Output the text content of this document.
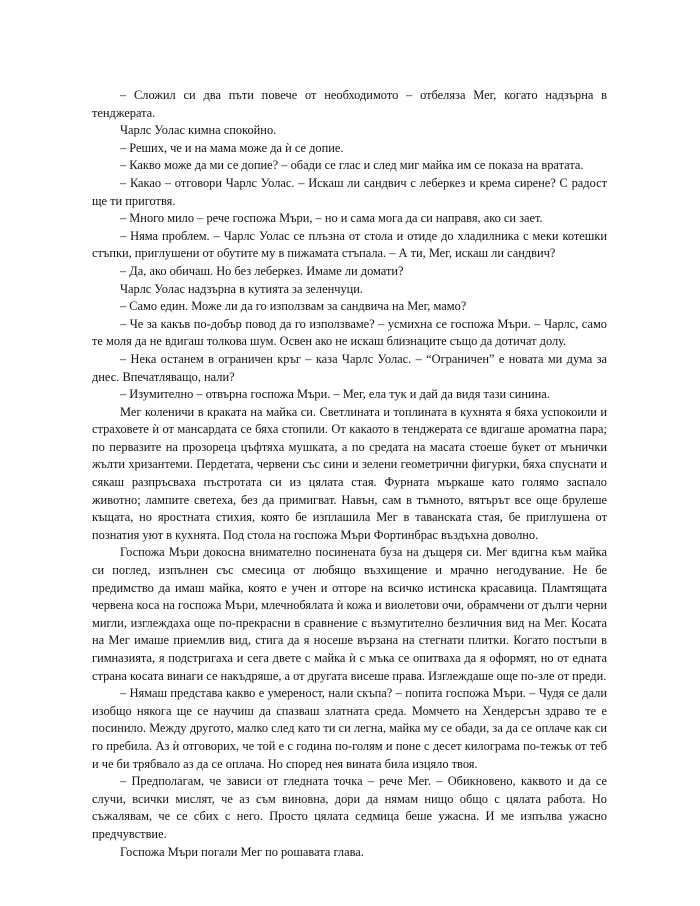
– Сложил си два пъти повече от необходимото – отбеляза Мег, когато надзърна в тенджерата.

Чарлс Уолас кимна спокойно.

– Реших, че и на мама може да ѝ се допие.

– Какво може да ми се допие? – обади се глас и след миг майка им се показа на вратата.

– Какао – отговори Чарлс Уолас. – Искаш ли сандвич с леберкез и крема сирене? С радост ще ти приготвя.

– Много мило – рече госпожа Мъри, – но и сама мога да си направя, ако си зает.

– Няма проблем. – Чарлс Уолас се плъзна от стола и отиде до хладилника с меки котешки стъпки, приглушени от обутите му в пижамата стъпала. – А ти, Мег, искаш ли сандвич?

– Да, ако обичаш. Но без леберкез. Имаме ли домати?

Чарлс Уолас надзърна в кутията за зеленчуци.

– Само един. Може ли да го използвам за сандвича на Мег, мамо?

– Че за какъв по-добър повод да го използваме? – усмихна се госпожа Мъри. – Чарлс, само те моля да не вдигаш толкова шум. Освен ако не искаш близнаците също да дотичат долу.

– Нека останем в ограничен кръг – каза Чарлс Уолас. – “Ограничен” е новата ми дума за днес. Впечатляващо, нали?

– Изумително – отвърна госпожа Мъри. – Мег, ела тук и дай да видя тази синина.

Мег коленичи в краката на майка си. Светлината и топлината в кухнята я бяха успокоили и страховете ѝ от мансардата се бяха стопили. От какаото в тенджерата се вдигаше ароматна пара; по первазите на прозореца цъфтяха мушката, а по средата на масата стоеше букет от мънички жълти хризантеми. Пердетата, червени със сини и зелени геометрични фигурки, бяха спуснати и сякаш разпръсваха пъстротата си из цялата стая. Фурната мъркаше като голямо заспало животно; лампите светеха, без да примигват. Навън, сам в тъмното, вятърът все още брулеше къщата, но яростната стихия, която бе изплашила Мег в таванската стая, бе приглушена от познатия уют в кухнята. Под стола на госпожа Мъри Фортинбрас въздъхна доволно.

Госпожа Мъри докосна внимателно посинената буза на дъщеря си. Мег вдигна към майка си поглед, изпълнен със смесица от любящо възхищение и мрачно негодувание. Не бе предимство да имаш майка, която е учен и отгоре на всичко истинска красавица. Пламтящата червена коса на госпожа Мъри, млечнобялата ѝ кожа и виолетови очи, обрамчени от дълги черни мигли, изглеждаха още по-прекрасни в сравнение с възмутително безличния вид на Мег. Косата на Мег имаше приемлив вид, стига да я носеше вързана на стегнати плитки. Когато постъпи в гимназията, я подстригаха и сега двете с майка ѝ с мъка се опитваха да я оформят, но от едната страна косата винаги се накъдряше, а от другата висеше права. Изглеждаше още по-зле от преди.

– Нямаш представа какво е умереност, нали скъпа? – попита госпожа Мъри. – Чудя се дали изобщо някога ще се научиш да спазваш златната среда. Момчето на Хендерсън здраво те е посинило. Между другото, малко след като ти си легна, майка му се обади, за да се оплаче как си го пребила. Аз ѝ отговорих, че той е с година по-голям и поне с десет килограма по-тежък от теб и че би трябвало аз да се оплача. Но според нея вината била изцяло твоя.

– Предполагам, че зависи от гледната точка – рече Мег. – Обикновено, каквото и да се случи, всички мислят, че аз съм виновна, дори да нямам нищо общо с цялата работа. Но съжалявам, че се сбих с него. Просто цялата седмица беше ужасна. И ме изпълва ужасно предчувствие.

Госпожа Мъри погали Мег по рошавата глава.
